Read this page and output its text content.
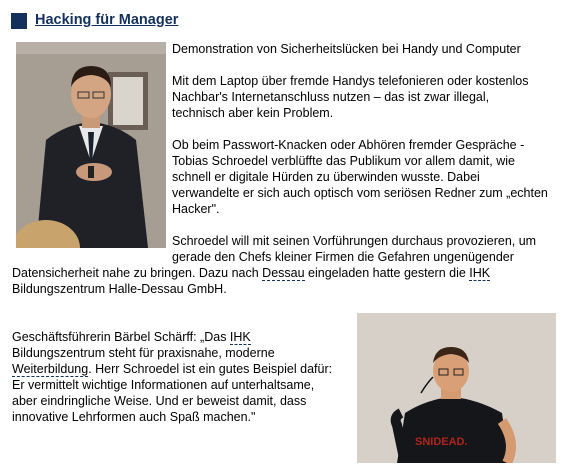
Hacking für Manager

Demonstration von Sicherheitslücken bei Handy und Computer

Mit dem Laptop über fremde Handys telefonieren oder kostenlos

Nachbar's Internetanschluss nutzen – das ist zwar illegal,

technisch aber kein Problem.

Ob beim Passwort-Knacken oder Abhören fremder Gespräche -

Tobias Schroedel verblüffte das Publikum vor allem damit, wie

schnell er digitale Hürden zu überwinden wusste. Dabei

verwandelte er sich auch optisch vom seriösen Redner zum „echten

Hacker".

Schroedel will mit seinen Vorführungen durchaus provozieren, um

gerade den Chefs kleiner Firmen die Gefahren ungenügender

Datensicherheit nahe zu bringen. Dazu nach Dessau eingeladen hatte gestern die IHK

Bildungszentrum Halle-Dessau GmbH.

Geschäftsführerin Bärbel Schärff: „Das IHK

Bildungszentrum steht für praxisnahe, moderne

Weiterbildung. Herr Schroedel ist ein gutes Beispiel dafür:

Er vermittelt wichtige Informationen auf unterhaltsame,

aber eindringliche Weise. Und er beweist damit, dass

innovative Lehrformen auch Spaß machen."

SNIDEAD.
